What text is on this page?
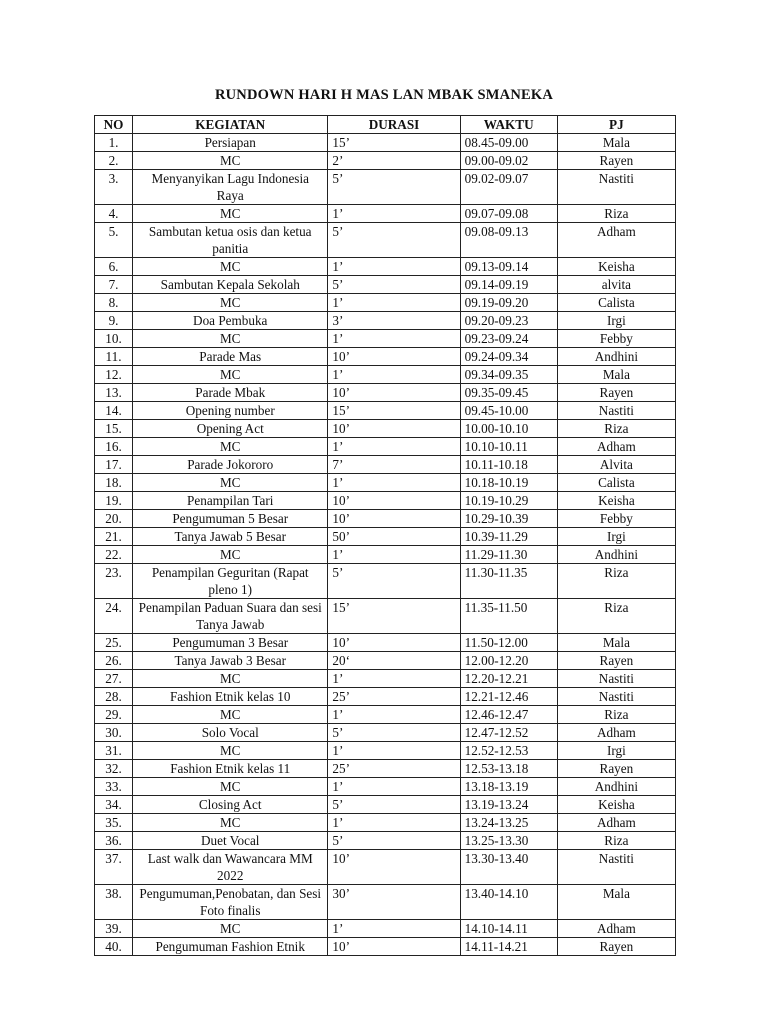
RUNDOWN HARI H MAS LAN MBAK SMANEKA
NO	KEGIATAN	DURASI	WAKTU	PJ
1.	Persiapan	15’	08.45-09.00	Mala
2.	MC	2’	09.00-09.02	Rayen
3.	Menyanyikan Lagu Indonesia Raya	5’	09.02-09.07	Nastiti
4.	MC	1’	09.07-09.08	Riza
5.	Sambutan ketua osis dan ketua panitia	5’	09.08-09.13	Adham
6.	MC	1’	09.13-09.14	Keisha
7.	Sambutan Kepala Sekolah	5’	09.14-09.19	alvita
8.	MC	1’	09.19-09.20	Calista
9.	Doa Pembuka	3’	09.20-09.23	Irgi
10.	MC	1’	09.23-09.24	Febby
11.	Parade Mas	10’	09.24-09.34	Andhini
12.	MC	1’	09.34-09.35	Mala
13.	Parade Mbak	10’	09.35-09.45	Rayen
14.	Opening number	15’	09.45-10.00	Nastiti
15.	Opening Act	10’	10.00-10.10	Riza
16.	MC	1’	10.10-10.11	Adham
17.	Parade Jokororo	7’	10.11-10.18	Alvita
18.	MC	1’	10.18-10.19	Calista
19.	Penampilan Tari	10’	10.19-10.29	Keisha
20.	Pengumuman 5 Besar	10’	10.29-10.39	Febby
21.	Tanya Jawab 5 Besar	50’	10.39-11.29	Irgi
22.	MC	1’	11.29-11.30	Andhini
23.	Penampilan Geguritan (Rapat pleno 1)	5’	11.30-11.35	Riza
24.	Penampilan Paduan Suara dan sesi Tanya Jawab	15’	11.35-11.50	Riza
25.	Pengumuman 3 Besar	10’	11.50-12.00	Mala
26.	Tanya Jawab 3 Besar	20‘	12.00-12.20	Rayen
27.	MC	1’	12.20-12.21	Nastiti
28.	Fashion Etnik kelas 10	25’	12.21-12.46	Nastiti
29.	MC	1’	12.46-12.47	Riza
30.	Solo Vocal	5’	12.47-12.52	Adham
31.	MC	1’	12.52-12.53	Irgi
32.	Fashion Etnik kelas 11	25’	12.53-13.18	Rayen
33.	MC	1’	13.18-13.19	Andhini
34.	Closing Act	5’	13.19-13.24	Keisha
35.	MC	1’	13.24-13.25	Adham
36.	Duet Vocal	5’	13.25-13.30	Riza
37.	Last walk dan Wawancara MM 2022	10’	13.30-13.40	Nastiti
38.	Pengumuman,Penobatan, dan Sesi Foto finalis	30’	13.40-14.10	Mala
39.	MC	1’	14.10-14.11	Adham
40.	Pengumuman Fashion Etnik	10’	14.11-14.21	Rayen
